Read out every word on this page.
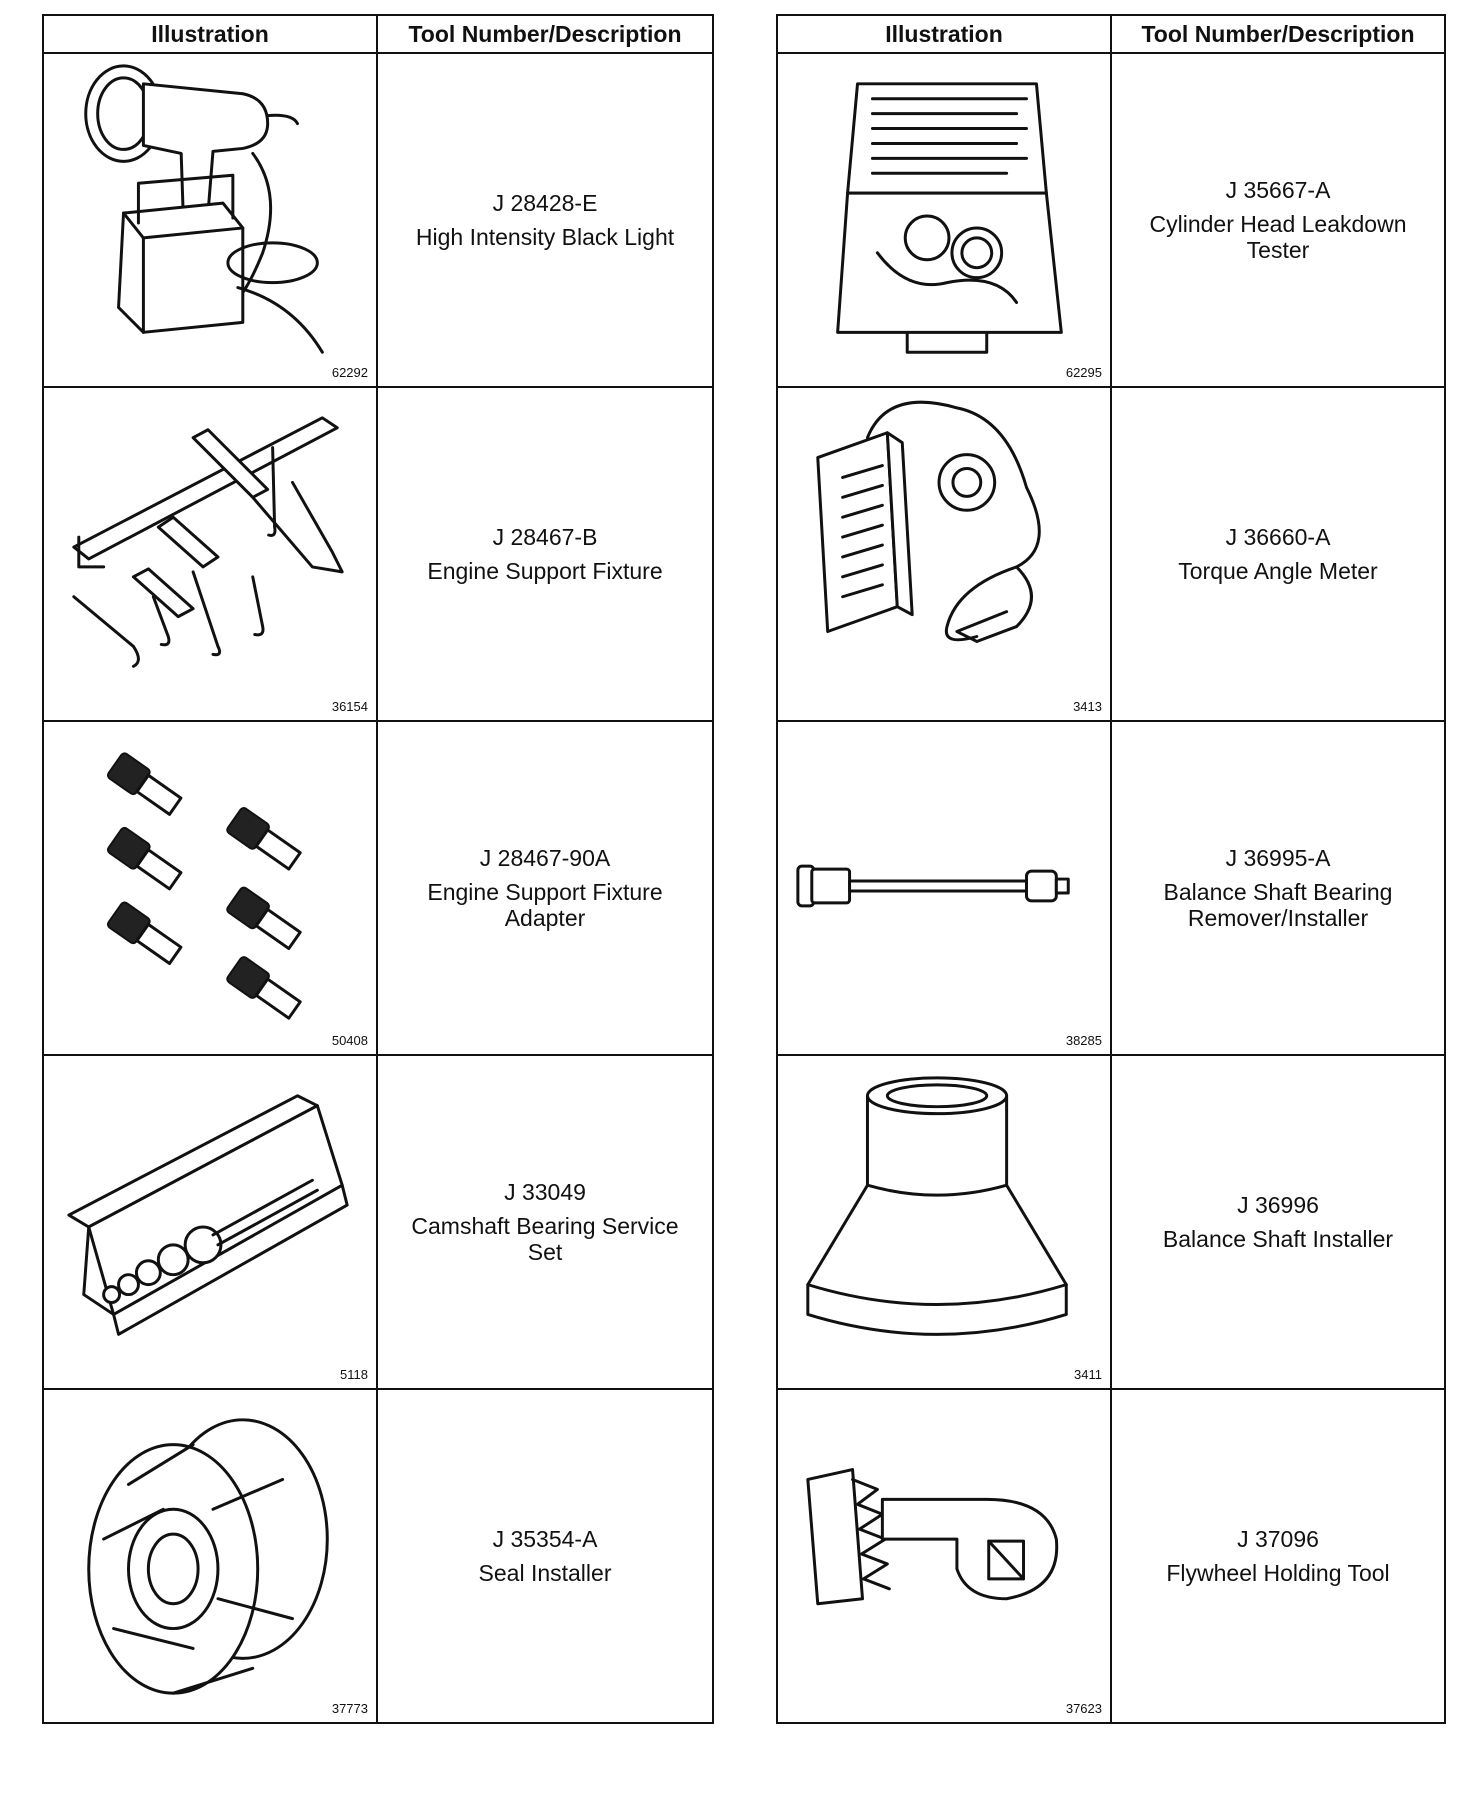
Illustration	Tool Number/Description

62292	J 28428-E
High Intensity Black Light

36154	J 28467-B
Engine Support Fixture

50408	J 28467-90A
Engine Support Fixture Adapter

5118	J 33049
Camshaft Bearing Service Set

37773	J 35354-A
Seal Installer
Illustration	Tool Number/Description

62295	J 35667-A
Cylinder Head Leakdown Tester

3413	J 36660-A
Torque Angle Meter

38285	J 36995-A
Balance Shaft Bearing Remover/Installer

3411	J 36996
Balance Shaft Installer

37623	J 37096
Flywheel Holding Tool
